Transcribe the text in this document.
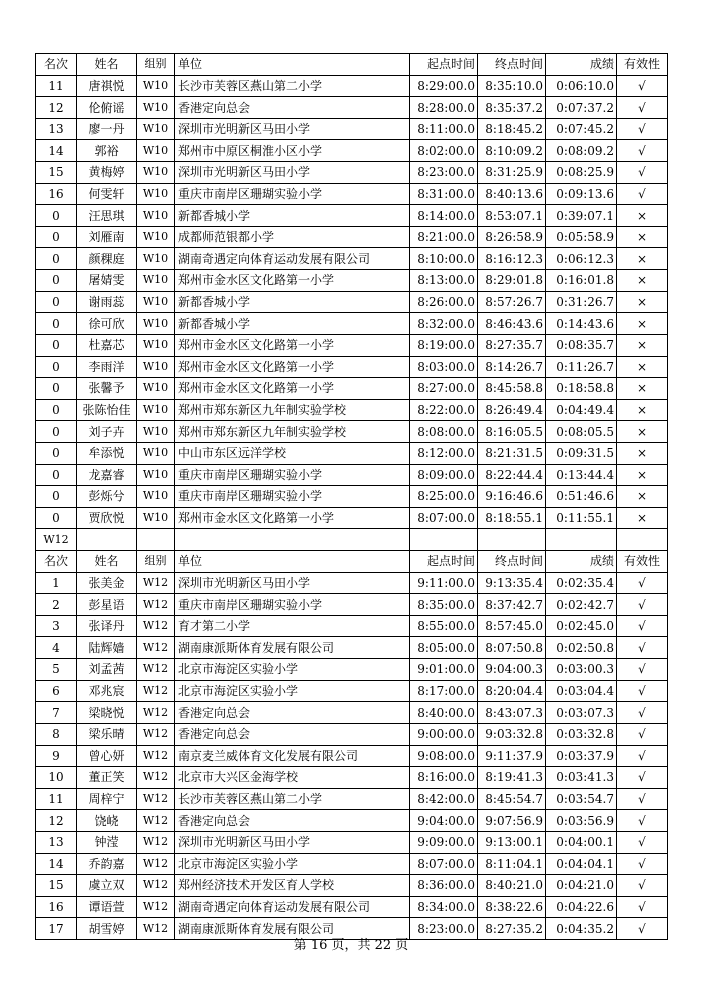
名次	姓名	组别	单位	起点时间	终点时间	成绩	有效性
11	唐祺悦	W10	长沙市芙蓉区燕山第二小学	8:29:00.0	8:35:10.0	0:06:10.0	√
12	伦俯谣	W10	香港定向总会	8:28:00.0	8:35:37.2	0:07:37.2	√
13	廖一丹	W10	深圳市光明新区马田小学	8:11:00.0	8:18:45.2	0:07:45.2	√
14	郭裕	W10	郑州市中原区桐淮小区小学	8:02:00.0	8:10:09.2	0:08:09.2	√
15	黄梅婷	W10	深圳市光明新区马田小学	8:23:00.0	8:31:25.9	0:08:25.9	√
16	何雯轩	W10	重庆市南岸区珊瑚实验小学	8:31:00.0	8:40:13.6	0:09:13.6	√
0	汪思琪	W10	新都香城小学	8:14:00.0	8:53:07.1	0:39:07.1	×
0	刘雁南	W10	成都师范银都小学	8:21:00.0	8:26:58.9	0:05:58.9	×
0	颜稞庭	W10	湖南奇遇定向体育运动发展有限公司	8:10:00.0	8:16:12.3	0:06:12.3	×
0	屠婧雯	W10	郑州市金水区文化路第一小学	8:13:00.0	8:29:01.8	0:16:01.8	×
0	谢雨蕊	W10	新都香城小学	8:26:00.0	8:57:26.7	0:31:26.7	×
0	徐可欣	W10	新都香城小学	8:32:00.0	8:46:43.6	0:14:43.6	×
0	杜嘉芯	W10	郑州市金水区文化路第一小学	8:19:00.0	8:27:35.7	0:08:35.7	×
0	李雨洋	W10	郑州市金水区文化路第一小学	8:03:00.0	8:14:26.7	0:11:26.7	×
0	张馨予	W10	郑州市金水区文化路第一小学	8:27:00.0	8:45:58.8	0:18:58.8	×
0	张陈怡佳	W10	郑州市郑东新区九年制实验学校	8:22:00.0	8:26:49.4	0:04:49.4	×
0	刘子卉	W10	郑州市郑东新区九年制实验学校	8:08:00.0	8:16:05.5	0:08:05.5	×
0	牟添悦	W10	中山市东区远洋学校	8:12:00.0	8:21:31.5	0:09:31.5	×
0	龙嘉睿	W10	重庆市南岸区珊瑚实验小学	8:09:00.0	8:22:44.4	0:13:44.4	×
0	彭烁兮	W10	重庆市南岸区珊瑚实验小学	8:25:00.0	9:16:46.6	0:51:46.6	×
0	贾欣悦	W10	郑州市金水区文化路第一小学	8:07:00.0	8:18:55.1	0:11:55.1	×
W12							
名次	姓名	组别	单位	起点时间	终点时间	成绩	有效性
1	张美金	W12	深圳市光明新区马田小学	9:11:00.0	9:13:35.4	0:02:35.4	√
2	彭星语	W12	重庆市南岸区珊瑚实验小学	8:35:00.0	8:37:42.7	0:02:42.7	√
3	张译丹	W12	育才第二小学	8:55:00.0	8:57:45.0	0:02:45.0	√
4	陆辉嫱	W12	湖南康派斯体育发展有限公司	8:05:00.0	8:07:50.8	0:02:50.8	√
5	刘孟茜	W12	北京市海淀区实验小学	9:01:00.0	9:04:00.3	0:03:00.3	√
6	邓兆宸	W12	北京市海淀区实验小学	8:17:00.0	8:20:04.4	0:03:04.4	√
7	梁晓悦	W12	香港定向总会	8:40:00.0	8:43:07.3	0:03:07.3	√
8	梁乐晴	W12	香港定向总会	9:00:00.0	9:03:32.8	0:03:32.8	√
9	曾心妍	W12	南京麦兰威体育文化发展有限公司	9:08:00.0	9:11:37.9	0:03:37.9	√
10	董正笑	W12	北京市大兴区金海学校	8:16:00.0	8:19:41.3	0:03:41.3	√
11	周梓宁	W12	长沙市芙蓉区燕山第二小学	8:42:00.0	8:45:54.7	0:03:54.7	√
12	饶峣	W12	香港定向总会	9:04:00.0	9:07:56.9	0:03:56.9	√
13	钟滢	W12	深圳市光明新区马田小学	9:09:00.0	9:13:00.1	0:04:00.1	√
14	乔韵嘉	W12	北京市海淀区实验小学	8:07:00.0	8:11:04.1	0:04:04.1	√
15	虞立双	W12	郑州经济技术开发区育人学校	8:36:00.0	8:40:21.0	0:04:21.0	√
16	谭语萱	W12	湖南奇遇定向体育运动发展有限公司	8:34:00.0	8:38:22.6	0:04:22.6	√
17	胡雪婷	W12	湖南康派斯体育发展有限公司	8:23:00.0	8:27:35.2	0:04:35.2	√
第 16 页，共 22 页
